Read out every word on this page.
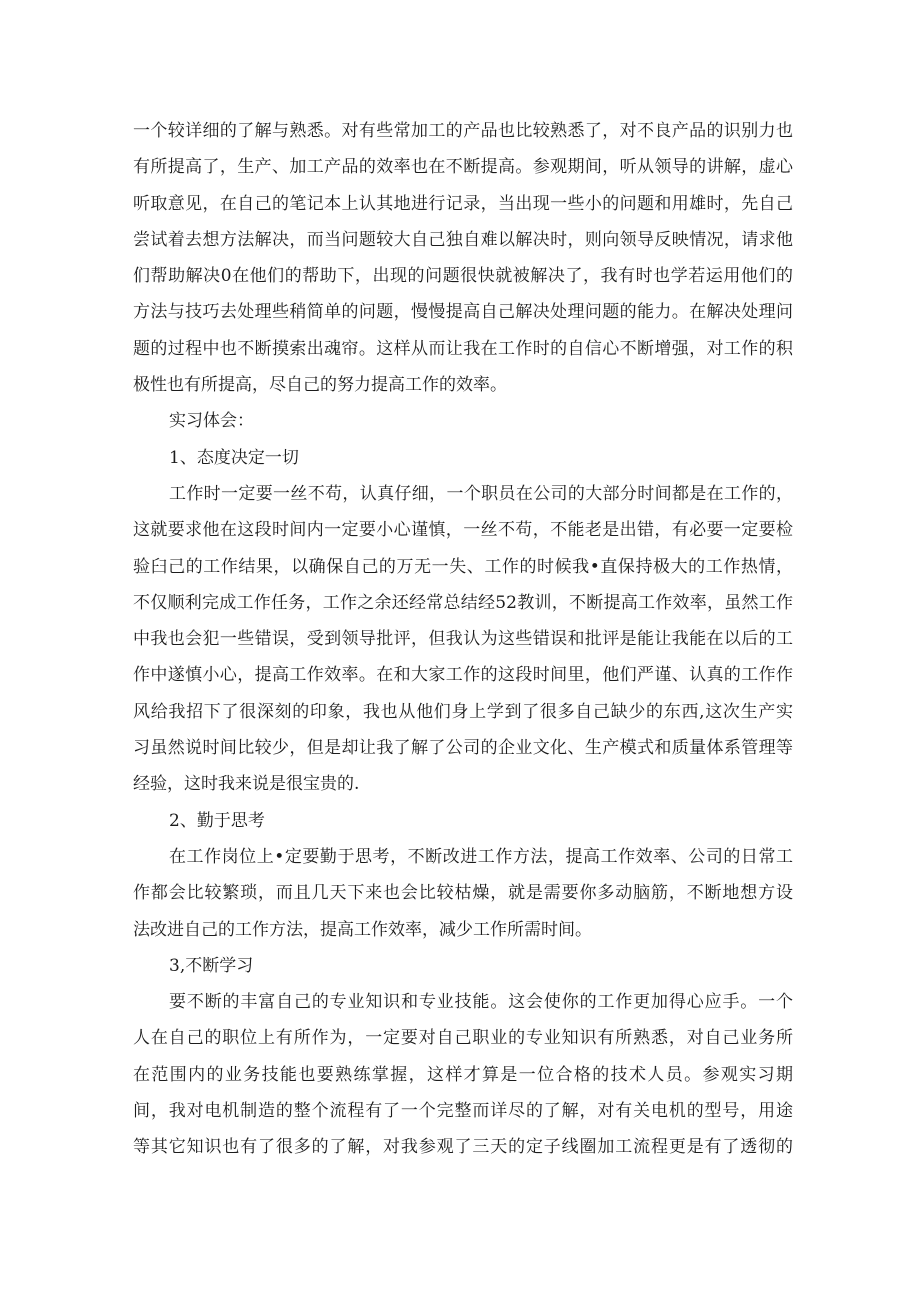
一个较详细的了解与熟悉。对有些常加工的产品也比较熟悉了，对不良产品的识别力也
有所提高了，生产、加工产品的效率也在不断提高。参观期间，听从领导的讲解，虚心
听取意见，在自己的笔记本上认其地进行记录，当出现一些小的问题和用雄时，先自己
尝试着去想方法解决，而当问题较大自己独自难以解决时，则向领导反映情况，请求他
们帮助解决0在他们的帮助下，出现的问题很快就被解决了，我有时也学若运用他们的
方法与技巧去处理些稍简单的问题，慢慢提高自己解决处理问题的能力。在解决处理问
题的过程中也不断摸索出魂帘。这样从而让我在工作时的自信心不断增强，对工作的积
极性也有所提高，尽自己的努力提高工作的效率。
实习体会：
1、态度决定一切
工作时一定要一丝不苟，认真仔细，一个职员在公司的大部分时间都是在工作的，
这就要求他在这段时间内一定要小心谨慎，一丝不苟，不能老是出错，有必要一定要检
验臼己的工作结果，以确保自己的万无一失、工作的时候我•直保持极大的工作热情，
不仅顺利完成工作任务，工作之余还经常总结经52教训，不断提高工作效率，虽然工作
中我也会犯一些错误，受到领导批评，但我认为这些错误和批评是能让我能在以后的工
作中遂慎小心，提高工作效率。在和大家工作的这段时间里，他们严谨、认真的工作作
风给我招下了很深刻的印象，我也从他们身上学到了很多自己缺少的东西,这次生产实
习虽然说时间比较少，但是却让我了解了公司的企业文化、生产模式和质量体系管理等
经验，这时我来说是很宝贵的.
2、勤于思考
在工作岗位上•定要勤于思考，不断改进工作方法，提高工作效率、公司的日常工
作都会比较繁琐，而且几天下来也会比较枯燥，就是需要你多动脑筋，不断地想方设
法改进自己的工作方法，提高工作效率，减少工作所需时间。
3,不断学习
要不断的丰富自己的专业知识和专业技能。这会使你的工作更加得心应手。一个
人在自己的职位上有所作为，一定要对自己职业的专业知识有所熟悉，对自己业务所
在范围内的业务技能也要熟练掌握，这样才算是一位合格的技术人员。参观实习期
间，我对电机制造的整个流程有了一个完整而详尽的了解，对有关电机的型号，用途
等其它知识也有了很多的了解，对我参观了三天的定子线圈加工流程更是有了透彻的
